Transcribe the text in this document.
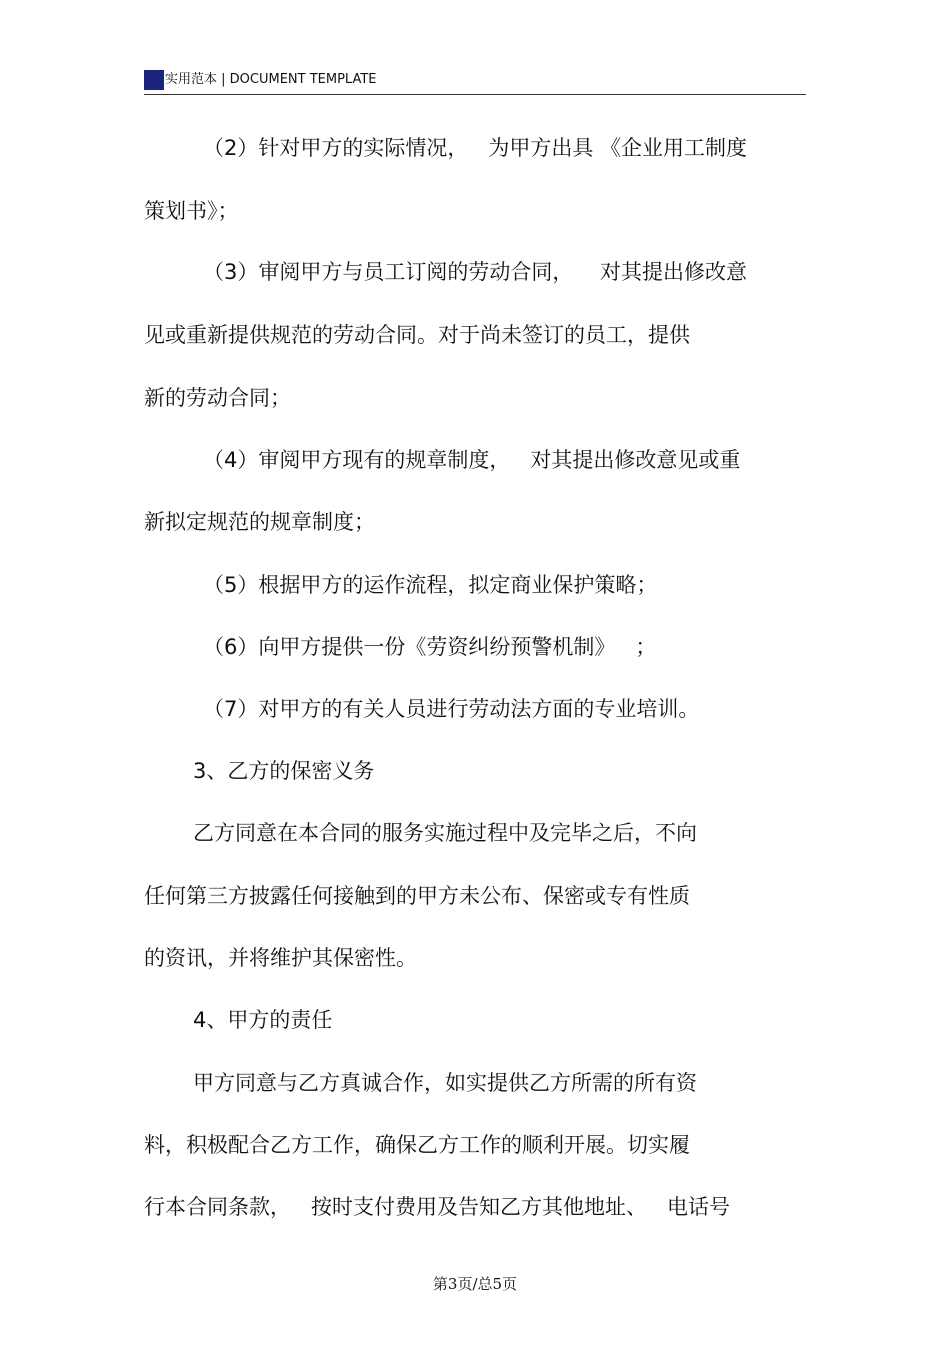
实用范本 | DOCUMENT TEMPLATE
（2）针对甲方的实际情况，   为甲方出具 《企业用工制度
策划书》；
（3）审阅甲方与员工订阅的劳动合同，    对其提出修改意
见或重新提供规范的劳动合同。对于尚未签订的员工，提供
新的劳动合同；
（4）审阅甲方现有的规章制度，   对其提出修改意见或重
新拟定规范的规章制度；
（5）根据甲方的运作流程，拟定商业保护策略；
（6）向甲方提供一份《劳资纠纷预警机制》   ；
（7）对甲方的有关人员进行劳动法方面的专业培训。
3、乙方的保密义务
乙方同意在本合同的服务实施过程中及完毕之后，不向
任何第三方披露任何接触到的甲方未公布、保密或专有性质
的资讯，并将维护其保密性。
4、甲方的责任
甲方同意与乙方真诚合作，如实提供乙方所需的所有资
料，积极配合乙方工作，确保乙方工作的顺利开展。切实履
行本合同条款，   按时支付费用及告知乙方其他地址、   电话号
第3页/总5页
